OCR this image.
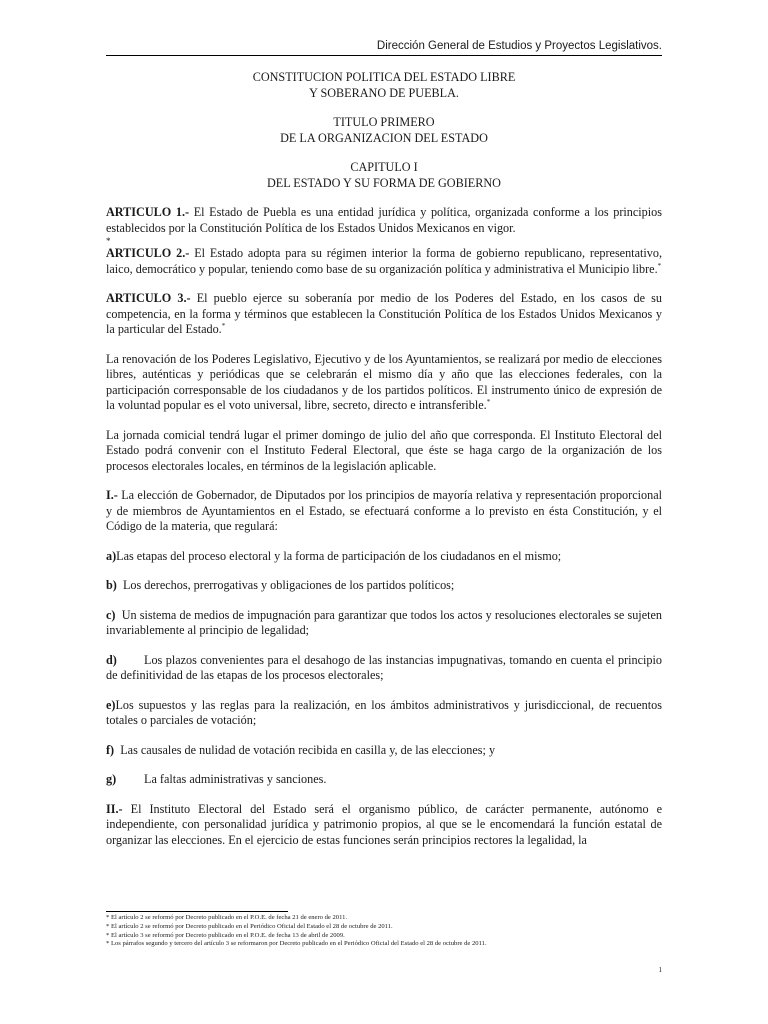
Dirección General de Estudios y Proyectos Legislativos.

CONSTITUCION POLITICA DEL ESTADO LIBRE

Y SOBERANO DE PUEBLA.

TITULO PRIMERO

DE LA ORGANIZACION DEL ESTADO

CAPITULO I

DEL ESTADO Y SU FORMA DE GOBIERNO

ARTICULO 1.- El Estado de Puebla es una entidad jurídica y política, organizada conforme a los principios establecidos por la Constitución Política de los Estados Unidos Mexicanos en vigor.

*

ARTICULO 2.- El Estado adopta para su régimen interior la forma de gobierno republicano, representativo, laico, democrático y popular, teniendo como base de su organización política y administrativa el Municipio libre.*

ARTICULO 3.- El pueblo ejerce su soberanía por medio de los Poderes del Estado, en los casos de su competencia, en la forma y términos que establecen la Constitución Política de los Estados Unidos Mexicanos y la particular del Estado.*

La renovación de los Poderes Legislativo, Ejecutivo y de los Ayuntamientos, se realizará por medio de elecciones libres, auténticas y periódicas que se celebrarán el mismo día y año que las elecciones federales, con la participación corresponsable de los ciudadanos y de los partidos políticos. El instrumento único de expresión de la voluntad popular es el voto universal, libre, secreto, directo e intransferible.*

La jornada comicial tendrá lugar el primer domingo de julio del año que corresponda. El Instituto Electoral del Estado podrá convenir con el Instituto Federal Electoral, que éste se haga cargo de la organización de los procesos electorales locales, en términos de la legislación aplicable.

I.- La elección de Gobernador, de Diputados por los principios de mayoría relativa y representación proporcional y de miembros de Ayuntamientos en el Estado, se efectuará conforme a lo previsto en ésta Constitución, y el Código de la materia, que regulará:

a)Las etapas del proceso electoral y la forma de participación de los ciudadanos en el mismo;

b)  Los derechos, prerrogativas y obligaciones de los partidos políticos;

c)  Un sistema de medios de impugnación para garantizar que todos los actos y resoluciones electorales se sujeten invariablemente al principio de legalidad;

d) Los plazos convenientes para el desahogo de las instancias impugnativas, tomando en cuenta el principio de definitividad de las etapas de los procesos electorales;

e)Los supuestos y las reglas para la realización, en los ámbitos administrativos y jurisdiccional, de recuentos totales o parciales de votación;

f)  Las causales de nulidad de votación recibida en casilla y, de las elecciones; y

g) La faltas administrativas y sanciones.

II.- El Instituto Electoral del Estado será el organismo público, de carácter permanente, autónomo e independiente, con personalidad jurídica y patrimonio propios, al que se le encomendará la función estatal de organizar las elecciones. En el ejercicio de estas funciones serán principios rectores la legalidad, la

* El artículo 2 se reformó por Decreto publicado en el P.O.E. de fecha 21 de enero de 2011.
* El artículo 2 se reformó por Decreto publicado en el Periódico Oficial del Estado el 28 de octubre de 2011.
* El artículo 3 se reformó por Decreto publicado en el P.O.E. de fecha 13 de abril de 2009.
* Los párrafos segundo y tercero del artículo 3 se reformaron por Decreto publicado en el Periódico Oficial del Estado el 28 de octubre de 2011.
1
